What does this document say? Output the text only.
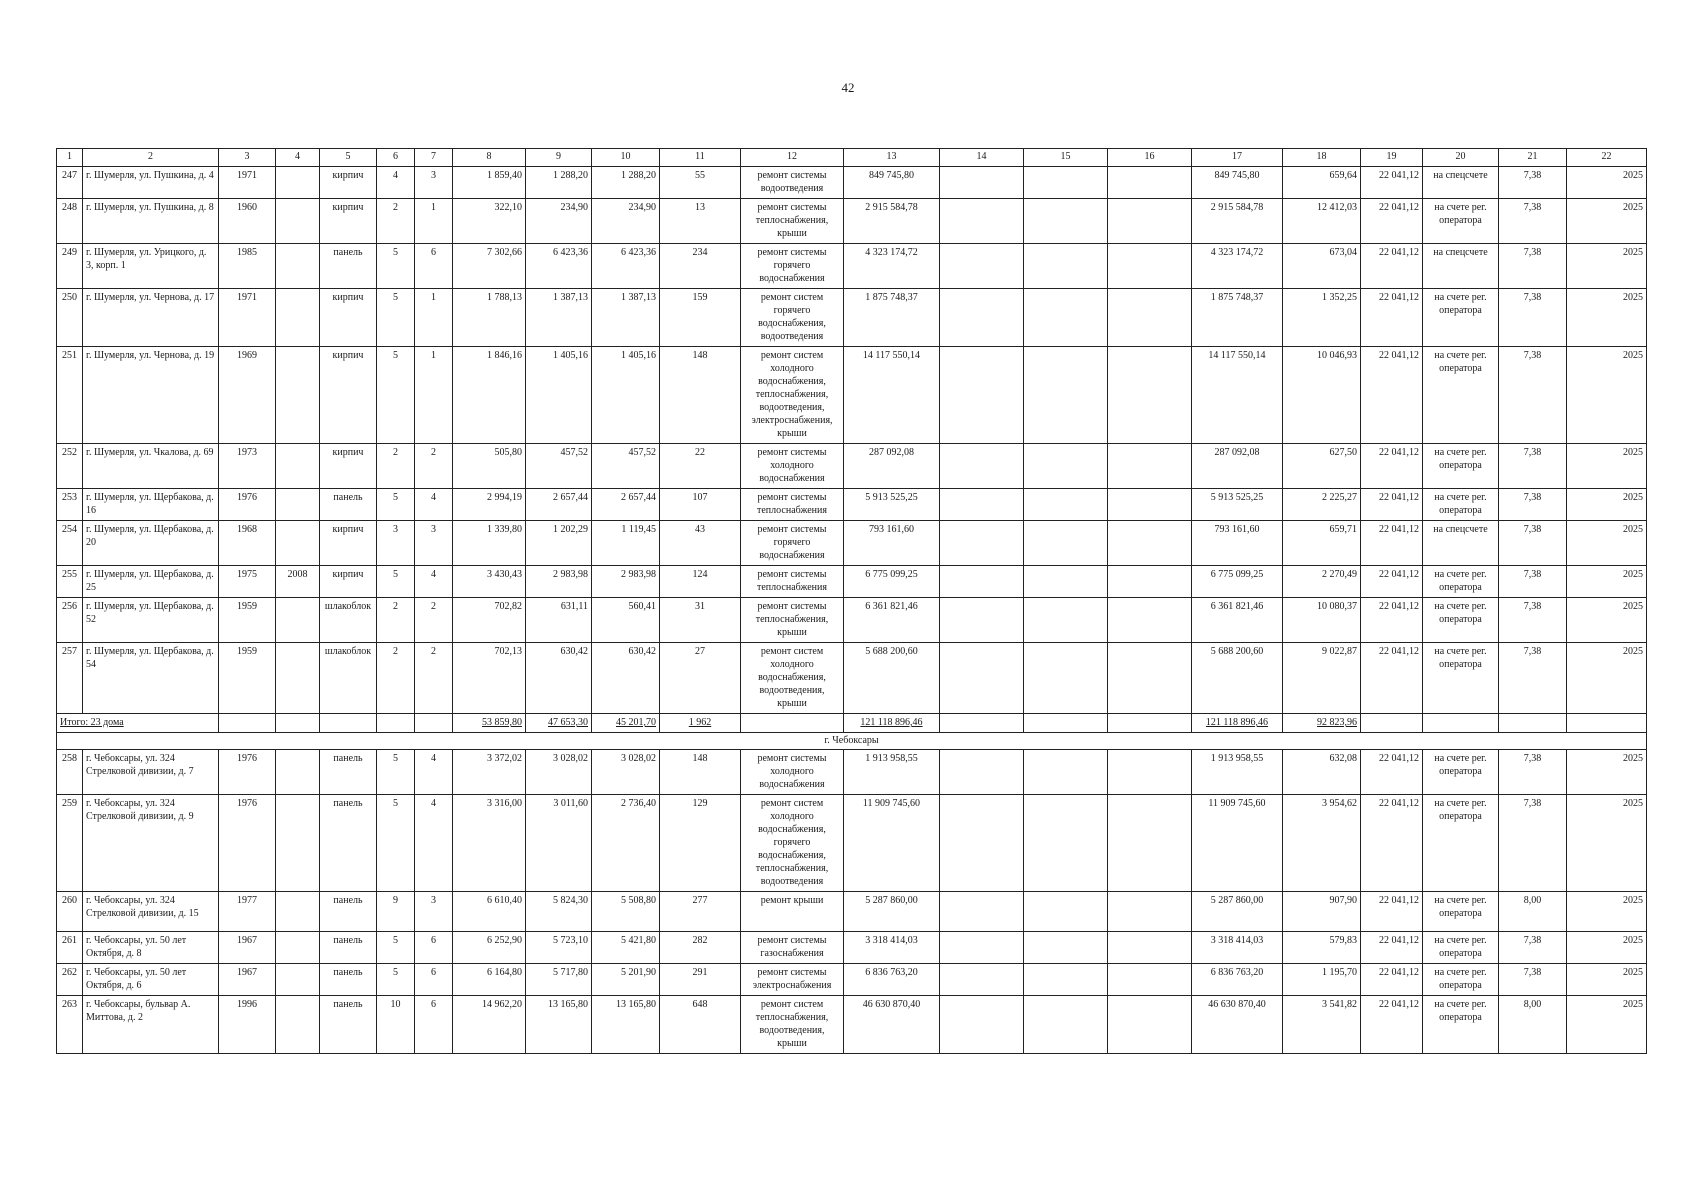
42
1	2	3	4	5	6	7	8	9	10	11	12	13	14	15	16	17	18	19	20	21	22
247	г. Шумерля, ул. Пушкина, д. 4	1971		кирпич	4	3	1 859,40	1 288,20	1 288,20	55	ремонт системы водоотведения	849 745,80				849 745,80	659,64	22 041,12	на спецсчете	7,38	2025
248	г. Шумерля, ул. Пушкина, д. 8	1960		кирпич	2	1	322,10	234,90	234,90	13	ремонт системы теплоснабжения, крыши	2 915 584,78				2 915 584,78	12 412,03	22 041,12	на счете рег. оператора	7,38	2025
249	г. Шумерля, ул. Урицкого, д. 3, корп. 1	1985		панель	5	6	7 302,66	6 423,36	6 423,36	234	ремонт системы горячего водоснабжения	4 323 174,72				4 323 174,72	673,04	22 041,12	на спецсчете	7,38	2025
250	г. Шумерля, ул. Чернова, д. 17	1971		кирпич	5	1	1 788,13	1 387,13	1 387,13	159	ремонт систем горячего водоснабжения, водоотведения	1 875 748,37				1 875 748,37	1 352,25	22 041,12	на счете рег. оператора	7,38	2025
251	г. Шумерля, ул. Чернова, д. 19	1969		кирпич	5	1	1 846,16	1 405,16	1 405,16	148	ремонт систем холодного водоснабжения, теплоснабжения, водоотведения, электроснабжения, крыши	14 117 550,14				14 117 550,14	10 046,93	22 041,12	на счете рег. оператора	7,38	2025
252	г. Шумерля, ул. Чкалова, д. 69	1973		кирпич	2	2	505,80	457,52	457,52	22	ремонт системы холодного водоснабжения	287 092,08				287 092,08	627,50	22 041,12	на счете рег. оператора	7,38	2025
253	г. Шумерля, ул. Щербакова, д. 16	1976		панель	5	4	2 994,19	2 657,44	2 657,44	107	ремонт системы теплоснабжения	5 913 525,25				5 913 525,25	2 225,27	22 041,12	на счете рег. оператора	7,38	2025
254	г. Шумерля, ул. Щербакова, д. 20	1968		кирпич	3	3	1 339,80	1 202,29	1 119,45	43	ремонт системы горячего водоснабжения	793 161,60				793 161,60	659,71	22 041,12	на спецсчете	7,38	2025
255	г. Шумерля, ул. Щербакова, д. 25	1975	2008	кирпич	5	4	3 430,43	2 983,98	2 983,98	124	ремонт системы теплоснабжения	6 775 099,25				6 775 099,25	2 270,49	22 041,12	на счете рег. оператора	7,38	2025
256	г. Шумерля, ул. Щербакова, д. 52	1959		шлакоблок	2	2	702,82	631,11	560,41	31	ремонт системы теплоснабжения, крыши	6 361 821,46				6 361 821,46	10 080,37	22 041,12	на счете рег. оператора	7,38	2025
257	г. Шумерля, ул. Щербакова, д. 54	1959		шлакоблок	2	2	702,13	630,42	630,42	27	ремонт систем холодного водоснабжения, водоотведения, крыши	5 688 200,60				5 688 200,60	9 022,87	22 041,12	на счете рег. оператора	7,38	2025
Итого: 23 дома							53 859,80	47 653,30	45 201,70	1 962		121 118 896,46				121 118 896,46	92 823,96				
г. Чебоксары																					
258	г. Чебоксары, ул. 324 Стрелковой дивизии, д. 7	1976		панель	5	4	3 372,02	3 028,02	3 028,02	148	ремонт системы холодного водоснабжения	1 913 958,55				1 913 958,55	632,08	22 041,12	на счете рег. оператора	7,38	2025
259	г. Чебоксары, ул. 324 Стрелковой дивизии, д. 9	1976		панель	5	4	3 316,00	3 011,60	2 736,40	129	ремонт систем холодного водоснабжения, горячего водоснабжения, теплоснабжения, водоотведения	11 909 745,60				11 909 745,60	3 954,62	22 041,12	на счете рег. оператора	7,38	2025
260	г. Чебоксары, ул. 324 Стрелковой дивизии, д. 15	1977		панель	9	3	6 610,40	5 824,30	5 508,80	277	ремонт крыши	5 287 860,00				5 287 860,00	907,90	22 041,12	на счете рег. оператора	8,00	2025
261	г. Чебоксары, ул. 50 лет Октября, д. 8	1967		панель	5	6	6 252,90	5 723,10	5 421,80	282	ремонт системы газоснабжения	3 318 414,03				3 318 414,03	579,83	22 041,12	на счете рег. оператора	7,38	2025
262	г. Чебоксары, ул. 50 лет Октября, д. 6	1967		панель	5	6	6 164,80	5 717,80	5 201,90	291	ремонт системы электроснабжения	6 836 763,20				6 836 763,20	1 195,70	22 041,12	на счете рег. оператора	7,38	2025
263	г. Чебоксары, бульвар А. Миттова, д. 2	1996		панель	10	6	14 962,20	13 165,80	13 165,80	648	ремонт систем теплоснабжения, водоотведения, крыши	46 630 870,40				46 630 870,40	3 541,82	22 041,12	на счете рег. оператора	8,00	2025
